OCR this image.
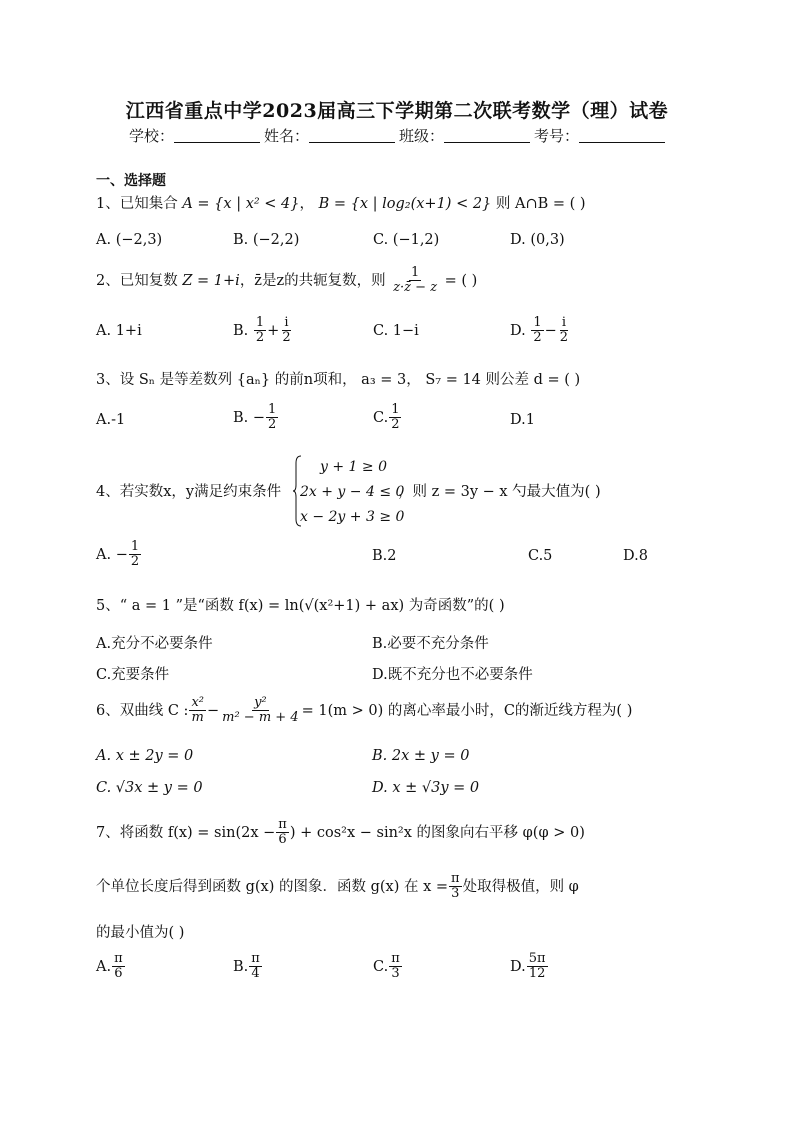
江西省重点中学2023届高三下学期第二次联考数学（理）试卷
学校：	姓名：	班级：	考号：
一、选择题
1、已知集合 A = {x | x² < 4}， B = {x | log₂(x+1) < 2} 则 A∩B = ( )
A. (−2,3)	B. (−2,2)	C. (−1,2)	D. (0,3)
2、已知复数 Z = 1+i，z̄是z的共轭复数，则 $\frac{1}{z\cdot z̄ - z}$ = ( )
A. 1+i	B. $\frac{1}{2} + \frac{i}{2}$	C. 1−i	D. $\frac{1}{2} - \frac{i}{2}$
3、设 Sₙ 是等差数列 {aₙ} 的前n项和， a₃ = 3， S₇ = 14 则公差 d = ( )
A.-1	B. − $\frac{1}{2}$	C. $\frac{1}{2}$	D.1
4、若实数x，y满足约束条件
y + 1 ≥ 0
2x + y − 4 ≤ 0
x − 2y + 3 ≥ 0
，则 z = 3y − x 勺最大值为( )
A. − $\frac{1}{2}$	B.2	C.5	D.8
5、“ a = 1 ”是“函数 f(x) = ln(√(x²+1) + ax) 为奇函数”的( )
A.充分不必要条件	B.必要不充分条件
C.充要条件	D.既不充分也不必要条件
6、双曲线 C : $\frac{\text{x²}}{m} - \frac{\text{y²}}{\text{m² − m + 4}} = 1(m > 0)$ 的离心率最小时，C的渐近线方程为( )
A. x ± 2y = 0	B. 2x ± y = 0
C. √3x ± y = 0	D. x ± √3y = 0
7、将函数 $f(x) = \sin(2x - \frac{\pi}{6}$ ) + cos²x − sin²x 的图象向右平移 φ(φ > 0)
个单位长度后得到函数 g(x) 的图象．函数 g(x) 在 $x = \frac{\pi}{3}$ 处取得极值，则 φ
的最小值为( )
A. $\frac{\pi}{6}$	B. $\frac{\pi}{4}$	C. $\frac{\pi}{3}$	D. $\frac{5\pi}{12}$
